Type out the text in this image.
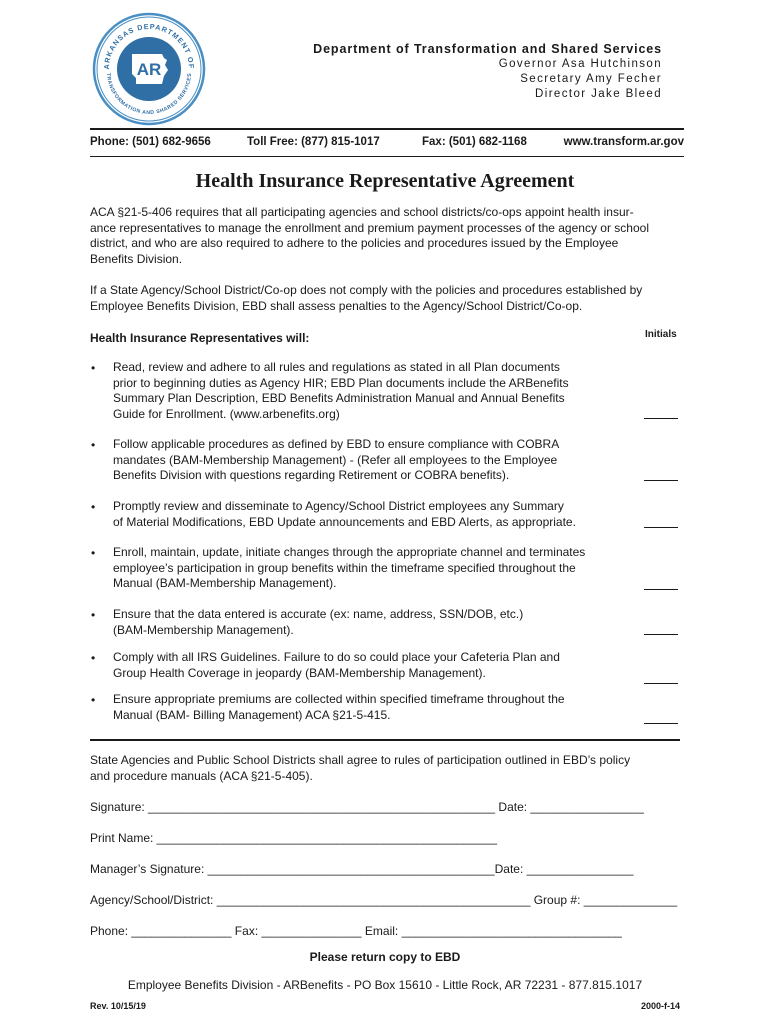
ARKANSAS DEPARTMENT OF
TRANSFORMATION AND SHARED SERVICES
AR
Department of Transformation and Shared Services
Governor Asa Hutchinson
Secretary Amy Fecher
Director Jake Bleed
Phone: (501) 682-9656	Toll Free: (877) 815-1017	Fax: (501) 682-1168	www.transform.ar.gov
Health Insurance Representative Agreement
ACA §21-5-406 requires that all participating agencies and school districts/co-ops appoint health insur-
ance representatives to manage the enrollment and premium payment processes of the agency or school
district, and who are also required to adhere to the policies and procedures issued by the Employee
Benefits Division.
If a State Agency/School District/Co-op does not comply with the policies and procedures established by
Employee Benefits Division, EBD shall assess penalties to the Agency/School District/Co-op.
Health Insurance Representatives will:	Initials
• Read, review and adhere to all rules and regulations as stated in all Plan documents
prior to beginning duties as Agency HIR; EBD Plan documents include the ARBenefits
Summary Plan Description, EBD Benefits Administration Manual and Annual Benefits
Guide for Enrollment. (www.arbenefits.org)
• Follow applicable procedures as defined by EBD to ensure compliance with COBRA
mandates (BAM-Membership Management) - (Refer all employees to the Employee
Benefits Division with questions regarding Retirement or COBRA benefits).
• Promptly review and disseminate to Agency/School District employees any Summary
of Material Modifications, EBD Update announcements and EBD Alerts, as appropriate.
• Enroll, maintain, update, initiate changes through the appropriate channel and terminates
employee’s participation in group benefits within the timeframe specified throughout the
Manual (BAM-Membership Management).
• Ensure that the data entered is accurate (ex: name, address, SSN/DOB, etc.)
(BAM-Membership Management).
• Comply with all IRS Guidelines. Failure to do so could place your Cafeteria Plan and
Group Health Coverage in jeopardy (BAM-Membership Management).
• Ensure appropriate premiums are collected within specified timeframe throughout the
Manual (BAM- Billing Management) ACA §21-5-415.
State Agencies and Public School Districts shall agree to rules of participation outlined in EBD’s policy
and procedure manuals (ACA §21-5-405).
Signature: ____________________________________________________ Date: _________________
Print Name: ___________________________________________________
Manager’s Signature: ___________________________________________Date: ________________
Agency/School/District: _______________________________________________ Group #: ______________
Phone: _______________ Fax: _______________ Email: _________________________________
Please return copy to EBD
Employee Benefits Division - ARBenefits - PO Box 15610 - Little Rock, AR 72231 - 877.815.1017
Rev. 10/15/19	2000-f-14
